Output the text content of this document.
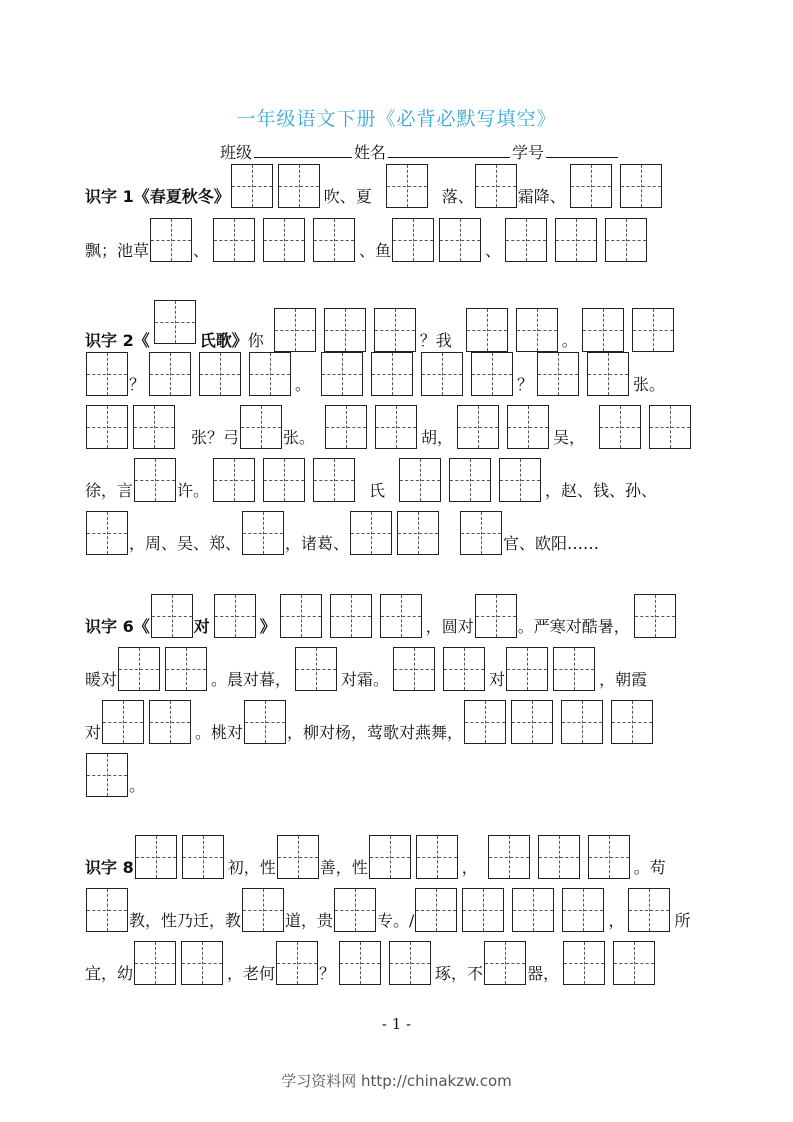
一年级语文下册《必背必默写填空》
班级	姓名	学号
识字 1《春夏秋冬》	吹、夏	落、	霜降、
飘；池草	、	、鱼	、
识字 2《	氏歌》你	？我	。
？	。	？	张。
张？弓	张。	胡，	吴，
徐，言	许。	氏	，赵、钱、孙、
，周、吴、郑、	，诸葛、	官、欧阳……
识字 6《	对	》	，圆对	。严寒对酷暑，
暖对	。晨对暮，	对霜。	对	，朝霞
对	。桃对	，柳对杨，莺歌对燕舞，
。
识字 8	初，性	善，性	，	。苟
教，性乃迁，教	道，贵	专。/	，	所
宜，幼	，老何	？	琢，不	器，
- 1 -
学习资料网 http://chinakzw.com
